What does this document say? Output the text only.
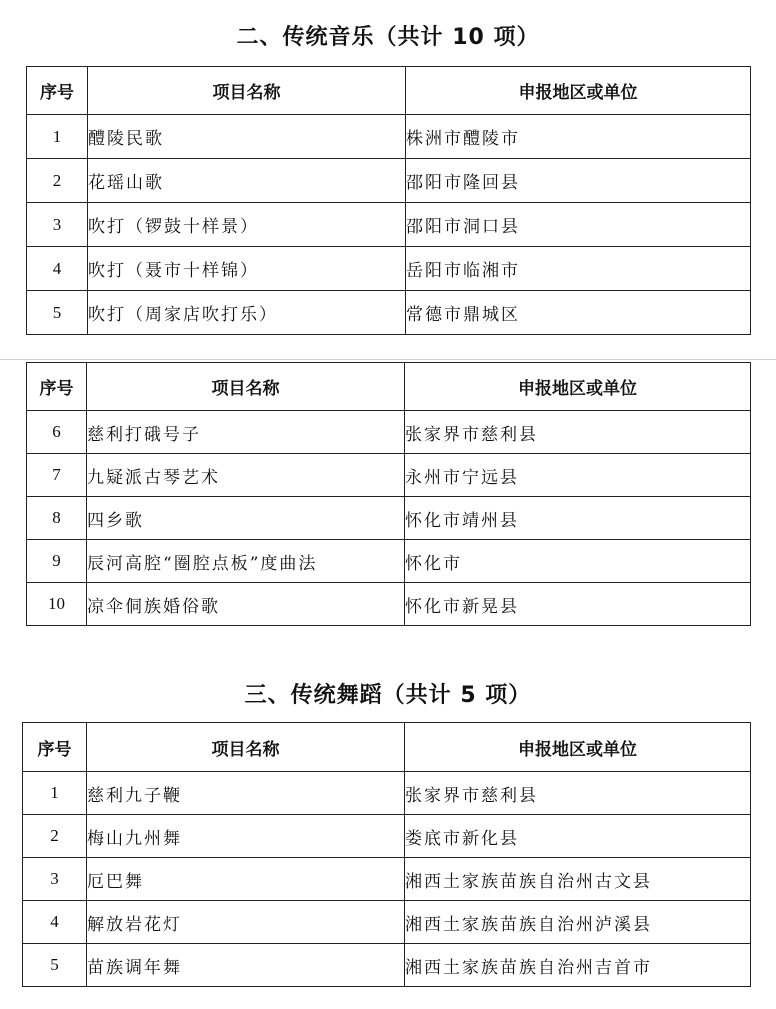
二、传统音乐（共计 10 项）
序号	项目名称	申报地区或单位
1	醴陵民歌	株洲市醴陵市
2	花瑶山歌	邵阳市隆回县
3	吹打（锣鼓十样景）	邵阳市洞口县
4	吹打（聂市十样锦）	岳阳市临湘市
5	吹打（周家店吹打乐）	常德市鼎城区
序号	项目名称	申报地区或单位
6	慈利打硪号子	张家界市慈利县
7	九疑派古琴艺术	永州市宁远县
8	四乡歌	怀化市靖州县
9	辰河高腔“圈腔点板”度曲法	怀化市
10	凉伞侗族婚俗歌	怀化市新晃县
三、传统舞蹈（共计 5 项）
序号	项目名称	申报地区或单位
1	慈利九子鞭	张家界市慈利县
2	梅山九州舞	娄底市新化县
3	厄巴舞	湘西土家族苗族自治州古文县
4	解放岩花灯	湘西土家族苗族自治州泸溪县
5	苗族调年舞	湘西土家族苗族自治州吉首市
